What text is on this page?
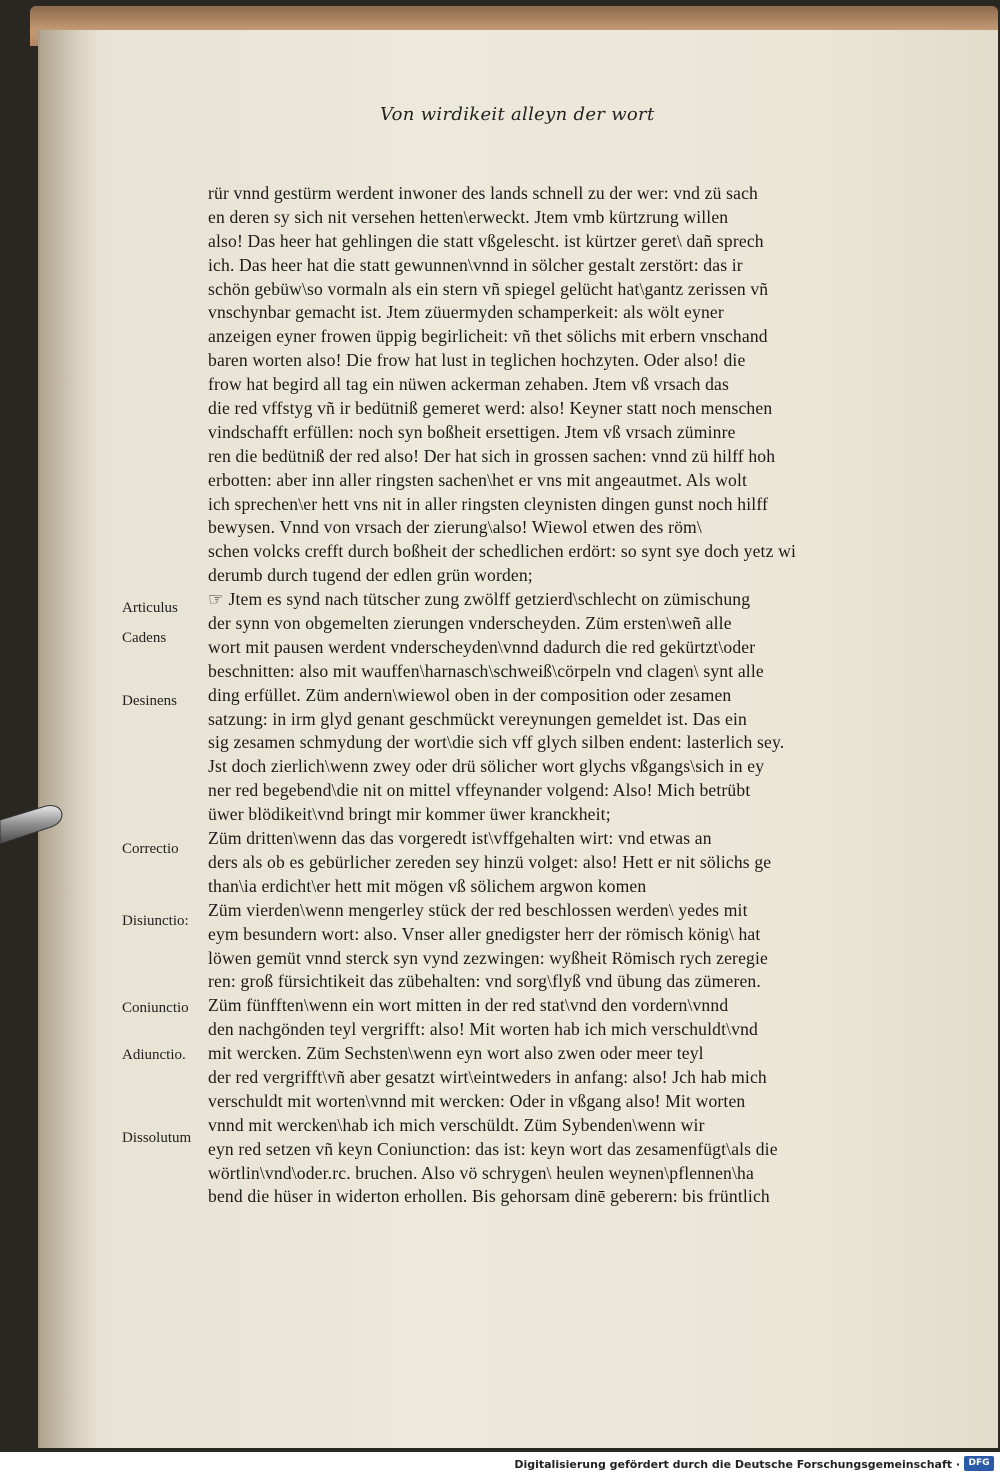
Von wirdikeit alleyn der wort
Articulus
Cadens
Desinens
Correctio
Disiunctio:
Coniunctio
Adiunctio.
Dissolutum
rür vnnd gestürm werdent inwoner des lands schnell zu der wer: vnd zü sach
en deren sy sich nit versehen hetten\erweckt. Jtem vmb kürtzrung willen
also! Das heer hat gehlingen die statt vßgelescht. ist kürtzer geret\ dañ sprech
ich. Das heer hat die statt gewunnen\vnnd in sölcher gestalt zerstört: das ir
schön gebüw\so vormaln als ein stern vñ spiegel gelücht hat\gantz zerissen vñ
vnschynbar gemacht ist. Jtem züuermyden schamperkeit: als wölt eyner
anzeigen eyner frowen üppig begirlicheit: vñ thet sölichs mit erbern vnschand
baren worten also! Die frow hat lust in teglichen hochzyten. Oder also! die
frow hat begird all tag ein nüwen ackerman zehaben. Jtem vß vrsach das
die red vffstyg vñ ir bedütniß gemeret werd: also! Keyner statt noch menschen
vindschafft erfüllen: noch syn boßheit ersettigen. Jtem vß vrsach züminre
ren die bedütniß der red also! Der hat sich in grossen sachen: vnnd zü hilff hoh
erbotten: aber inn aller ringsten sachen\het er vns mit angeautmet. Als wolt
ich sprechen\er hett vns nit in aller ringsten cleynisten dingen gunst noch hilff
bewysen. Vnnd von vrsach der zierung\also! Wiewol etwen des röm\
schen volcks crefft durch boßheit der schedlichen erdört: so synt sye doch yetz wi
derumb durch tugend der edlen grün worden;
☞ Jtem es synd nach tütscher zung zwölff getzierd\schlecht on zümischung
der synn von obgemelten zierungen vnderscheyden. Züm ersten\weñ alle
wort mit pausen werdent vnderscheyden\vnnd dadurch die red gekürtzt\oder
beschnitten: also mit wauffen\harnasch\schweiß\cörpeln vnd clagen\ synt alle
ding erfüllet. Züm andern\wiewol oben in der composition oder zesamen
satzung: in irm glyd genant geschmückt vereynungen gemeldet ist. Das ein
sig zesamen schmydung der wort\die sich vff glych silben endent: lasterlich sey.
Jst doch zierlich\wenn zwey oder drü sölicher wort glychs vßgangs\sich in ey
ner red begebend\die nit on mittel vffeynander volgend: Also! Mich betrübt
üwer blödikeit\vnd bringt mir kommer üwer kranckheit;
Züm dritten\wenn das das vorgeredt ist\vffgehalten wirt: vnd etwas an
ders als ob es gebürlicher zereden sey hinzü volget: also! Hett er nit sölichs ge
than\ia erdicht\er hett mit mögen vß sölichem argwon komen
Züm vierden\wenn mengerley stück der red beschlossen werden\ yedes mit
eym besundern wort: also. Vnser aller gnedigster herr der römisch könig\ hat
löwen gemüt vnnd sterck syn vynd zezwingen: wyßheit Römisch rych zeregie
ren: groß fürsichtikeit das zübehalten: vnd sorg\flyß vnd übung das zümeren.
Züm fünfften\wenn ein wort mitten in der red stat\vnd den vordern\vnnd
den nachgönden teyl vergrifft: also! Mit worten hab ich mich verschuldt\vnd
mit wercken. Züm Sechsten\wenn eyn wort also zwen oder meer teyl
der red vergrifft\vñ aber gesatzt wirt\eintweders in anfang: also! Jch hab mich
verschuldt mit worten\vnnd mit wercken: Oder in vßgang also! Mit worten
vnnd mit wercken\hab ich mich verschüldt. Züm Sybenden\wenn wir
eyn red setzen vñ keyn Coniunction: das ist: keyn wort das zesamenfügt\als die
wörtlin\vnd\oder.rc. bruchen. Also vö schrygen\ heulen weynen\pflennen\ha
bend die hüser in widerton erhollen. Bis gehorsam dinē geberern: bis früntlich
Digitalisierung gefördert durch die Deutsche Forschungsgemeinschaft · DFG
